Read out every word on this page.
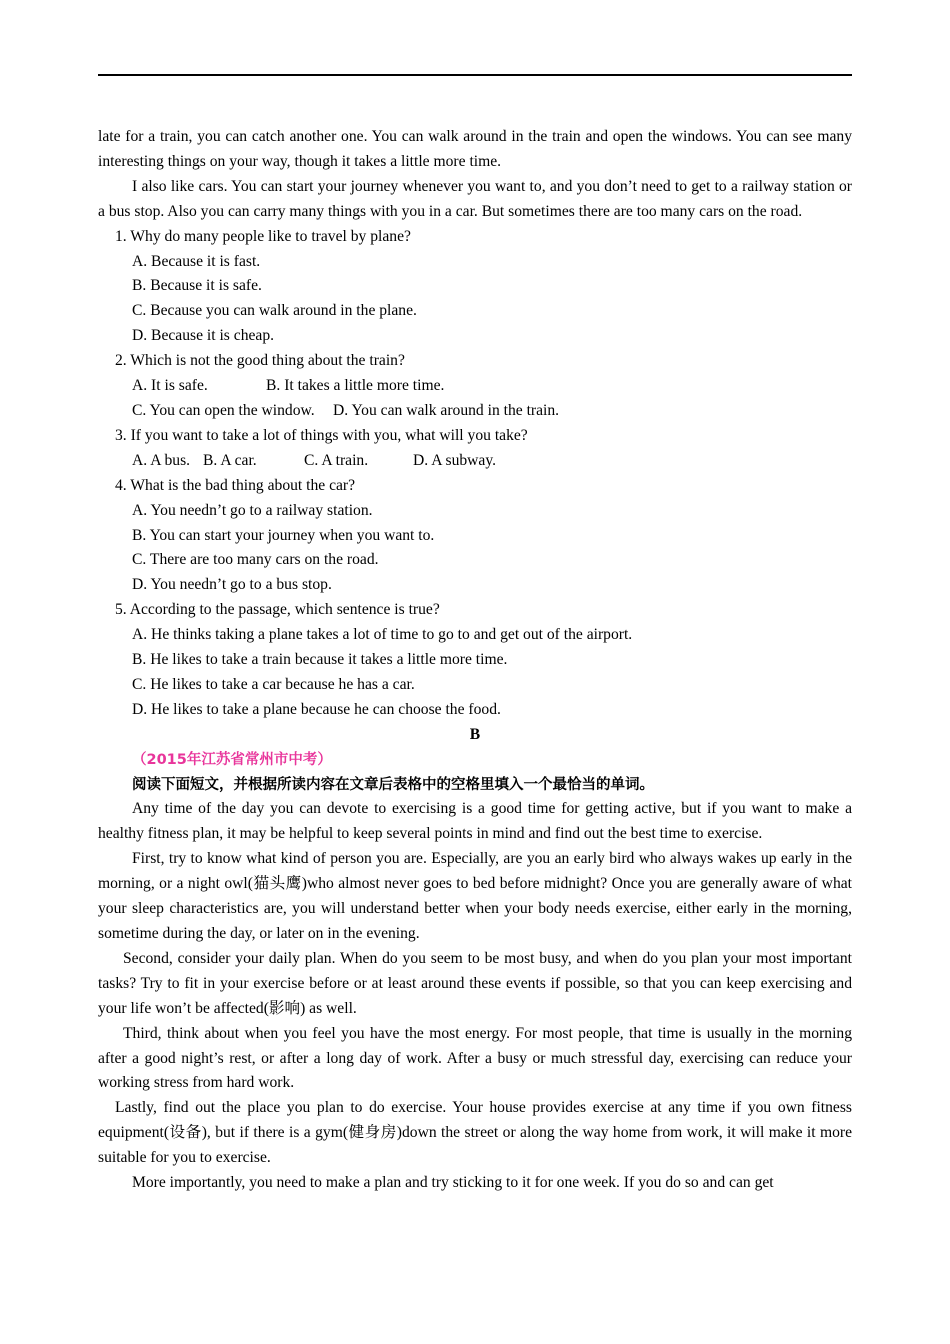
late for a train, you can catch another one. You can walk around in the train and open the windows. You can see many interesting things on your way, though it takes a little more time.

I also like cars. You can start your journey whenever you want to, and you don’t need to get to a railway station or a bus stop. Also you can carry many things with you in a car. But sometimes there are too many cars on the road.

1. Why do many people like to travel by plane?

A. Because it is fast.

B. Because it is safe.

C. Because you can walk around in the plane.

D. Because it is cheap.

2. Which is not the good thing about the train?

A. It is safe.	B. It takes a little more time.

C. You can open the window. D. You can walk around in the train.

3. If you want to take a lot of things with you, what will you take?

A. A bus. B. A car.	C. A train.	D. A subway.

4. What is the bad thing about the car?

A. You needn’t go to a railway station.

B. You can start your journey when you want to.

C. There are too many cars on the road.

D. You needn’t go to a bus stop.

5. According to the passage, which sentence is true?

A. He thinks taking a plane takes a lot of time to go to and get out of the airport.

B. He likes to take a train because it takes a little more time.

C. He likes to take a car because he has a car.

D. He likes to take a plane because he can choose the food.

B

（2015年江苏省常州市中考）

阅读下面短文，并根据所读内容在文章后表格中的空格里填入一个最恰当的单词。

Any time of the day you can devote to exercising is a good time for getting active, but if you want to make a healthy fitness plan, it may be helpful to keep several points in mind and find out the best time to exercise.

First, try to know what kind of person you are. Especially, are you an early bird who always wakes up early in the morning, or a night owl(猫头鹰)who almost never goes to bed before midnight? Once you are generally aware of what your sleep characteristics are, you will understand better when your body needs exercise, either early in the morning, sometime during the day, or later on in the evening.

Second, consider your daily plan. When do you seem to be most busy, and when do you plan your most important tasks? Try to fit in your exercise before or at least around these events if possible, so that you can keep exercising and your life won’t be affected(影响) as well.

Third, think about when you feel you have the most energy. For most people, that time is usually in the morning after a good night’s rest, or after a long day of work. After a busy or much stressful day, exercising can reduce your working stress from hard work.

Lastly, find out the place you plan to do exercise. Your house provides exercise at any time if you own fitness equipment(设备), but if there is a gym(健身房)down the street or along the way home from work, it will make it more suitable for you to exercise.

More importantly, you need to make a plan and try sticking to it for one week. If you do so and can get
